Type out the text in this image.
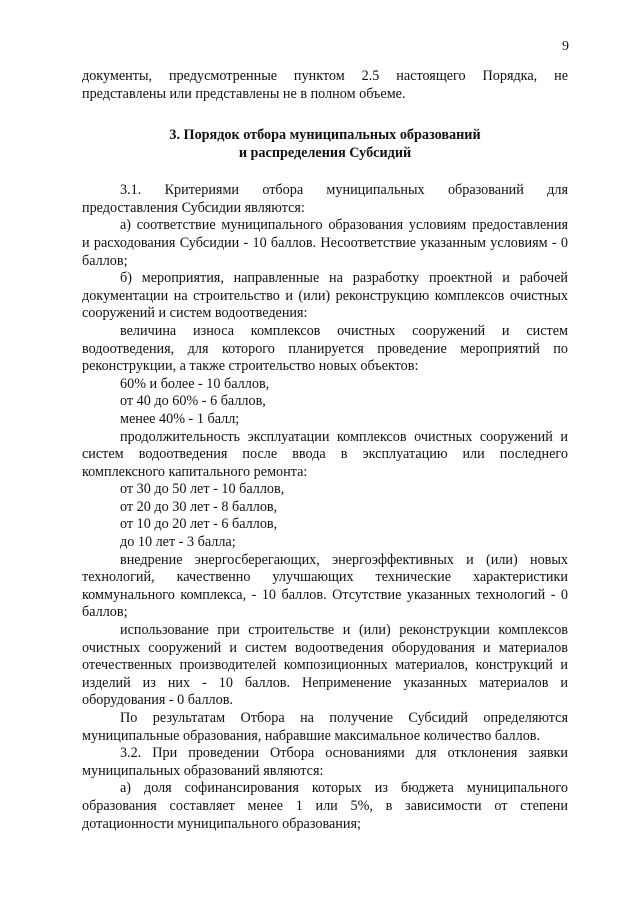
9

документы, предусмотренные пунктом 2.5 настоящего Порядка, не представлены или представлены не в полном объеме.

3. Порядок отбора муниципальных образований
и распределения Субсидий

3.1. Критериями отбора муниципальных образований для предоставления Субсидии являются:

а) соответствие муниципального образования условиям предоставления и расходования Субсидии - 10 баллов. Несоответствие указанным условиям - 0 баллов;

б) мероприятия, направленные на разработку проектной и рабочей документации на строительство и (или) реконструкцию комплексов очистных сооружений и систем водоотведения:

величина износа комплексов очистных сооружений и систем водоотведения, для которого планируется проведение мероприятий по реконструкции, а также строительство новых объектов:

60% и более - 10 баллов,

от 40 до 60% - 6 баллов,

менее 40% - 1 балл;

продолжительность эксплуатации комплексов очистных сооружений и систем водоотведения после ввода в эксплуатацию или последнего комплексного капитального ремонта:

от 30 до 50 лет - 10 баллов,

от 20 до 30 лет - 8 баллов,

от 10 до 20 лет - 6 баллов,

до 10 лет - 3 балла;

внедрение энергосберегающих, энергоэффективных и (или) новых технологий, качественно улучшающих технические характеристики коммунального комплекса, - 10 баллов. Отсутствие указанных технологий - 0 баллов;

использование при строительстве и (или) реконструкции комплексов очистных сооружений и систем водоотведения оборудования и материалов отечественных производителей композиционных материалов, конструкций и изделий из них - 10 баллов. Неприменение указанных материалов и оборудования - 0 баллов.

По результатам Отбора на получение Субсидий определяются муниципальные образования, набравшие максимальное количество баллов.

3.2. При проведении Отбора основаниями для отклонения заявки муниципальных образований являются:

а) доля софинансирования которых из бюджета муниципального образования составляет менее 1 или 5%, в зависимости от степени дотационности муниципального образования;
